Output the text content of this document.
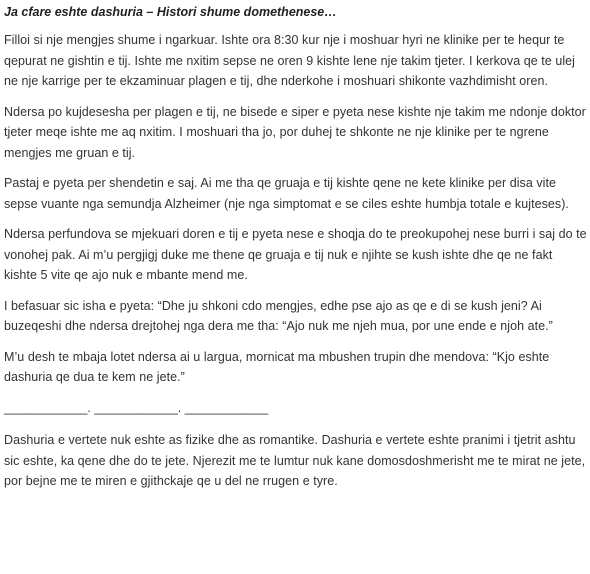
Ja cfare eshte dashuria – Histori shume domethenese…

Filloi si nje mengjes shume i ngarkuar. Ishte ora 8:30 kur nje i moshuar hyri ne klinike per te hequr te qepurat ne gishtin e tij. Ishte me nxitim sepse ne oren 9 kishte lene nje takim tjeter. I kerkova qe te ulej ne nje karrige per te ekzaminuar plagen e tij, dhe nderkohe i moshuari shikonte vazhdimisht oren.

Ndersa po kujdesesha per plagen e tij, ne bisede e siper e pyeta nese kishte nje takim me ndonje doktor tjeter meqe ishte me aq nxitim. I moshuari tha jo, por duhej te shkonte ne nje klinike per te ngrene mengjes me gruan e tij.

Pastaj e pyeta per shendetin e saj. Ai me tha qe gruaja e tij kishte qene ne kete klinike per disa vite sepse vuante nga semundja Alzheimer (nje nga simptomat e se ciles eshte humbja totale e kujteses).

Ndersa perfundova se mjekuari doren e tij e pyeta nese e shoqja do te preokupohej nese burri i saj do te vonohej pak. Ai m’u pergjigj duke me thene qe gruaja e tij nuk e njihte se kush ishte dhe qe ne fakt kishte 5 vite qe ajo nuk e mbante mend me.

I befasuar sic isha e pyeta: “Dhe ju shkoni cdo mengjes, edhe pse ajo as qe e di se kush jeni? Ai buzeqeshi dhe ndersa drejtohej nga dera me tha: “Ajo nuk me njeh mua, por une ende e njoh ate.”

M’u desh te mbaja lotet ndersa ai u largua, mornicat ma mbushen trupin dhe mendova: “Kjo eshte dashuria qe dua te kem ne jete.”

____________. ____________. ____________

Dashuria e vertete nuk eshte as fizike dhe as romantike. Dashuria e vertete eshte pranimi i tjetrit ashtu sic eshte, ka qene dhe do te jete. Njerezit me te lumtur nuk kane domosdoshmerisht me te mirat ne jete, por bejne me te miren e gjithckaje qe u del ne rrugen e tyre.
